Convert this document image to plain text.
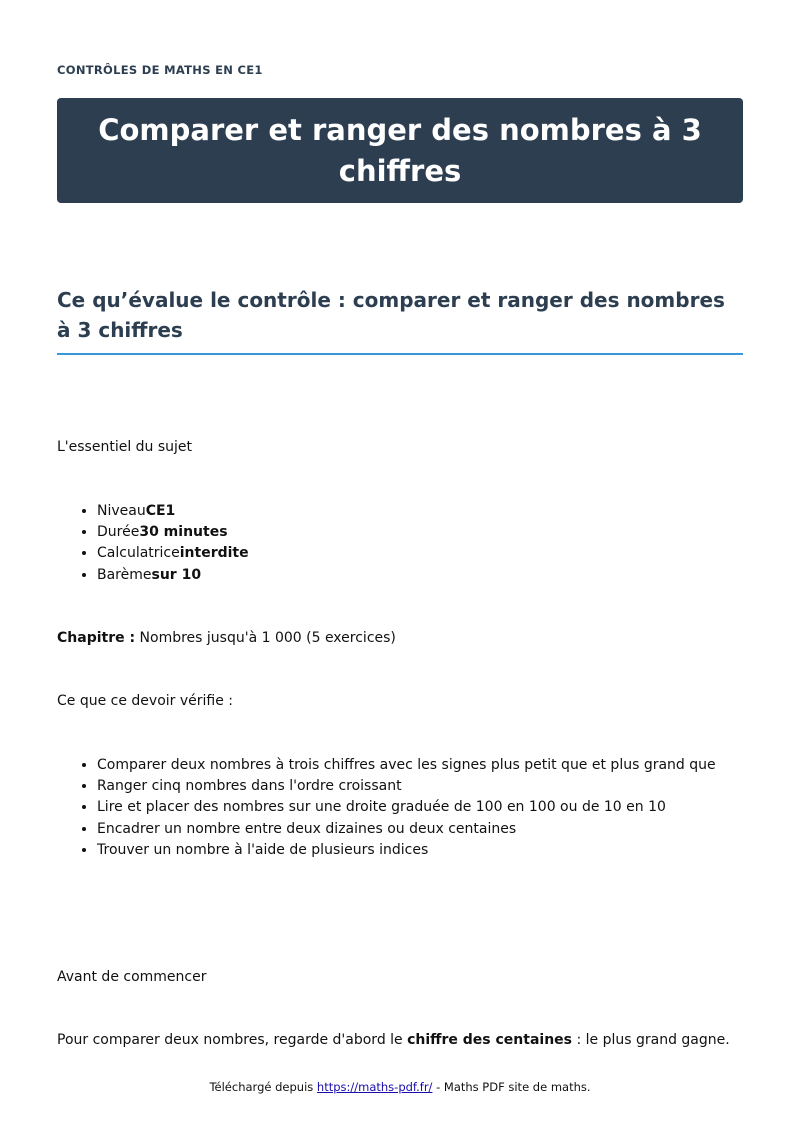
CONTRÔLES DE MATHS EN CE1
Comparer et ranger des nombres à 3 chiffres
Ce qu’évalue le contrôle : comparer et ranger des nombres à 3 chiffres

L'essentiel du sujet

• NiveauCE1
• Durée30 minutes
• Calculatriceinterdite
• Barèmesur 10

Chapitre : Nombres jusqu'à 1 000 (5 exercices)

Ce que ce devoir vérifie :

• Comparer deux nombres à trois chiffres avec les signes plus petit que et plus grand que
• Ranger cinq nombres dans l'ordre croissant
• Lire et placer des nombres sur une droite graduée de 100 en 100 ou de 10 en 10
• Encadrer un nombre entre deux dizaines ou deux centaines
• Trouver un nombre à l'aide de plusieurs indices

Avant de commencer

Pour comparer deux nombres, regarde d'abord le chiffre des centaines : le plus grand gagne.

Téléchargé depuis https://maths-pdf.fr/ - Maths PDF site de maths.
